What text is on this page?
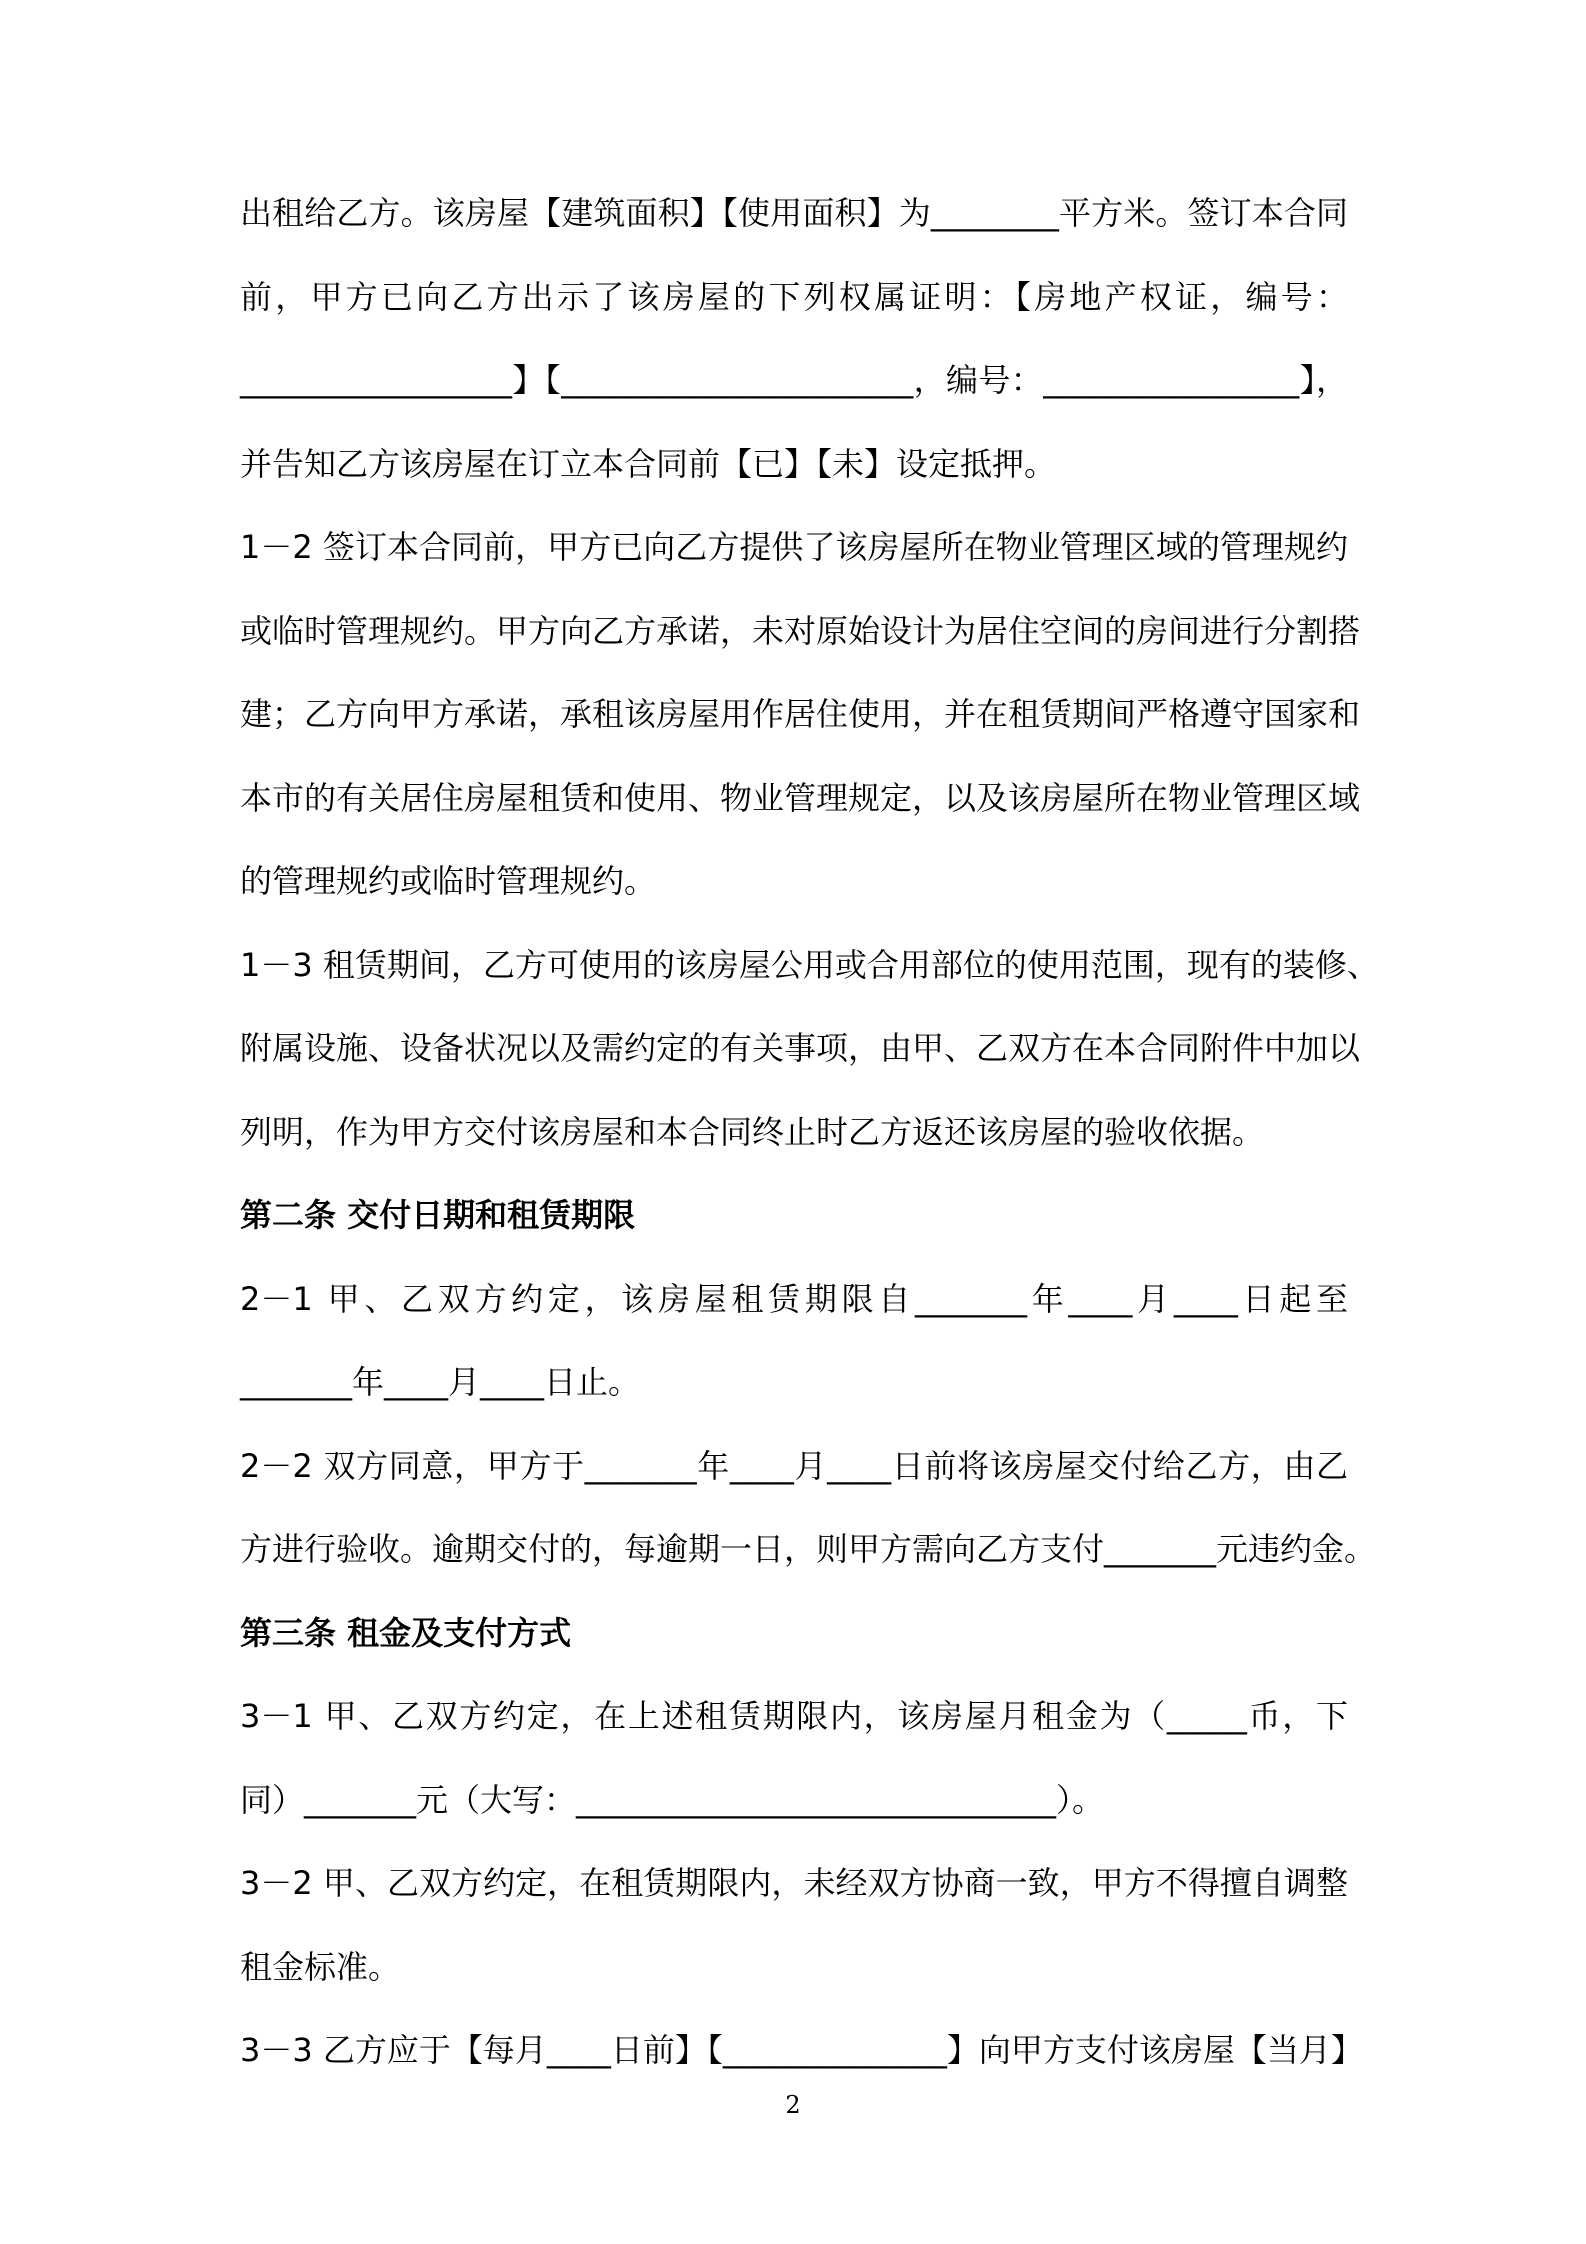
出租给乙方。该房屋【建筑面积】【使用面积】为________平方米。签订本合同
前，甲方已向乙方出示了该房屋的下列权属证明：【房地产权证，编号：
_________________】【______________________，编号：________________】，
并告知乙方该房屋在订立本合同前【已】【未】设定抵押。
1－2 签订本合同前，甲方已向乙方提供了该房屋所在物业管理区域的管理规约
或临时管理规约。甲方向乙方承诺，未对原始设计为居住空间的房间进行分割搭
建；乙方向甲方承诺，承租该房屋用作居住使用，并在租赁期间严格遵守国家和
本市的有关居住房屋租赁和使用、物业管理规定，以及该房屋所在物业管理区域
的管理规约或临时管理规约。
1－3 租赁期间，乙方可使用的该房屋公用或合用部位的使用范围，现有的装修、
附属设施、设备状况以及需约定的有关事项，由甲、乙双方在本合同附件中加以
列明，作为甲方交付该房屋和本合同终止时乙方返还该房屋的验收依据。
第二条 交付日期和租赁期限
2－1 甲、乙双方约定，该房屋租赁期限自_______年____月____日起至
_______年____月____日止。
2－2 双方同意，甲方于_______年____月____日前将该房屋交付给乙方，由乙
方进行验收。逾期交付的，每逾期一日，则甲方需向乙方支付_______元违约金。
第三条 租金及支付方式
3－1 甲、乙双方约定，在上述租赁期限内，该房屋月租金为（_____币，下
同）_______元（大写：______________________________）。
3－2 甲、乙双方约定，在租赁期限内，未经双方协商一致，甲方不得擅自调整
租金标准。
3－3 乙方应于【每月____日前】【______________】向甲方支付该房屋【当月】
2
